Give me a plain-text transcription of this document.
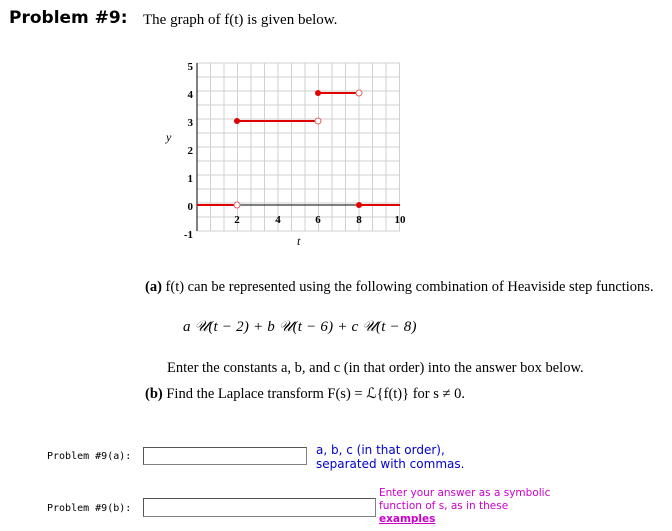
Problem #9: The graph of f(t) is given below.
5
4
3
2
1
0
-1
2	4	6	8	10
y
t
(a) f(t) can be represented using the following combination of Heaviside step functions.
a 𝒰(t − 2) + b 𝒰(t − 6) + c 𝒰(t − 8)
Enter the constants a, b, and c (in that order) into the answer box below.
(b) Find the Laplace transform F(s) = ℒ{f(t)} for s ≠ 0.
Problem #9(a):	a, b, c (in that order),
separated with commas.
Problem #9(b):
Enter your answer as a symbolic
function of s, as in these
examples
